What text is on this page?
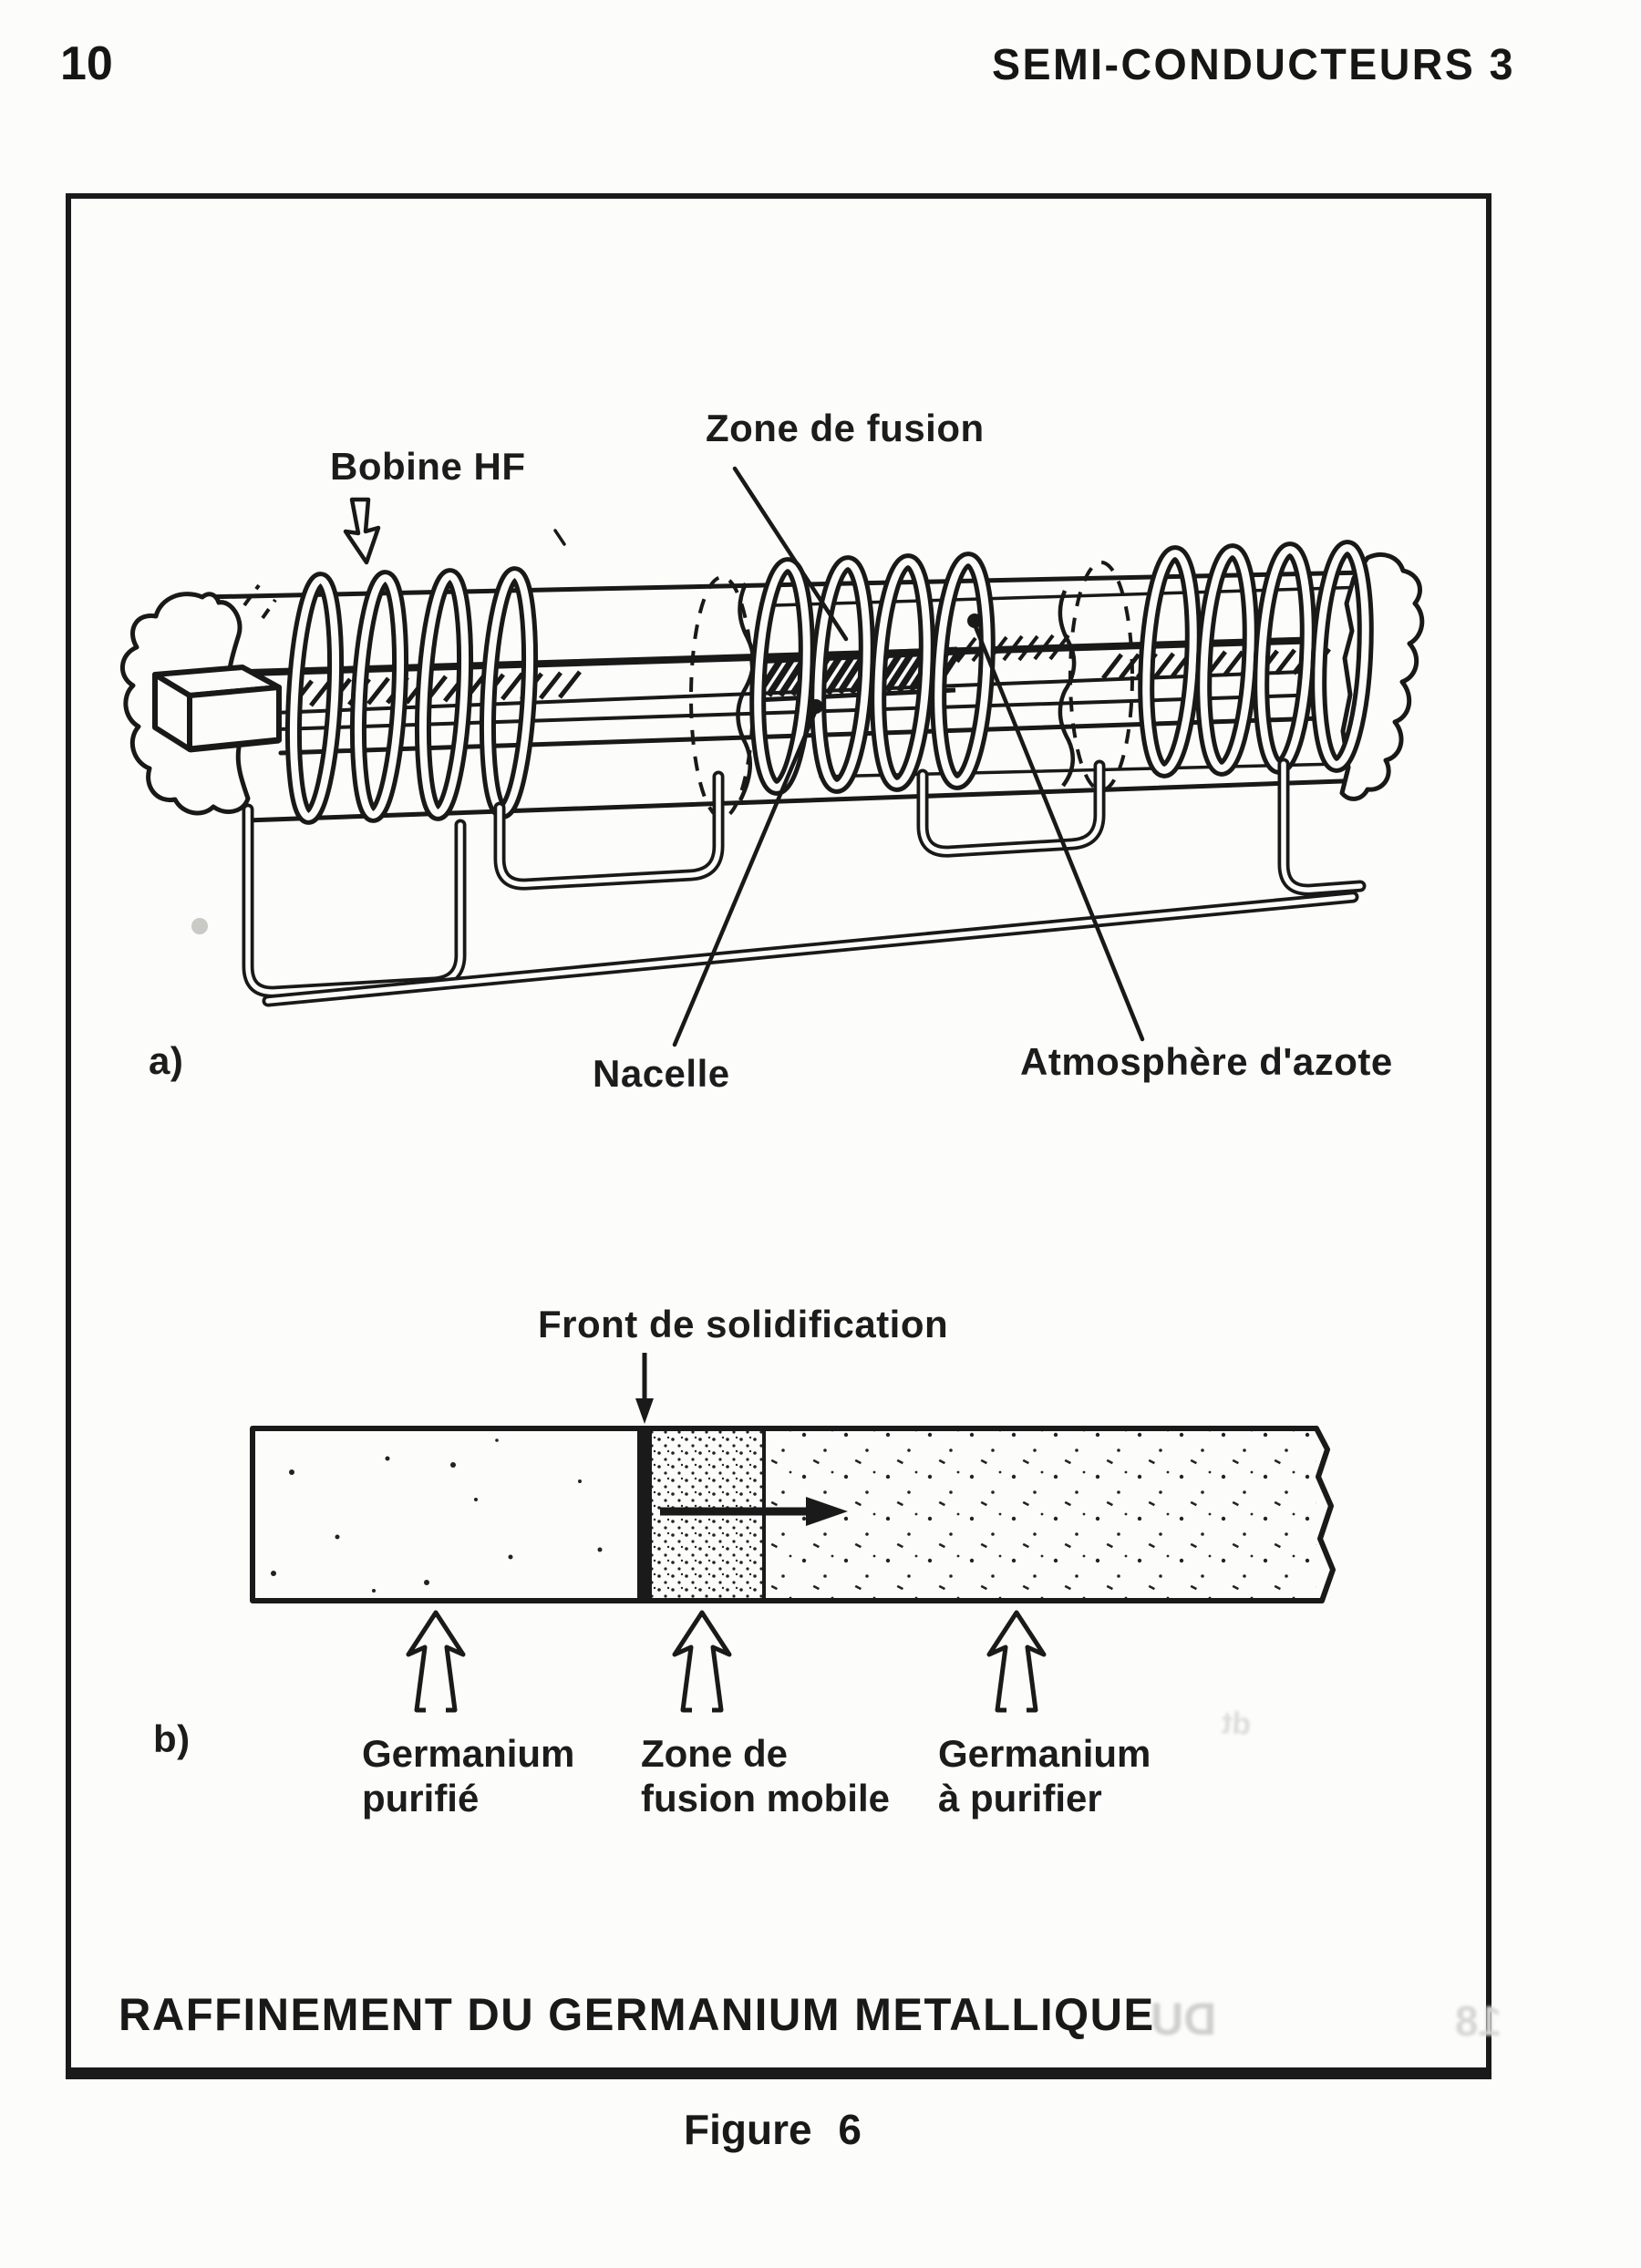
10	SEMI-CONDUCTEURS 3
Bobine HF
Zone de fusion
a)	Nacelle	Atmosphère d'azote
Front de solidification
b)	Germanium
purifié
Zone de
fusion mobile
Germanium
à purifier
RAFFINEMENT DU GERMANIUM METALLIQUE
Figure 6
DU	18
dt
